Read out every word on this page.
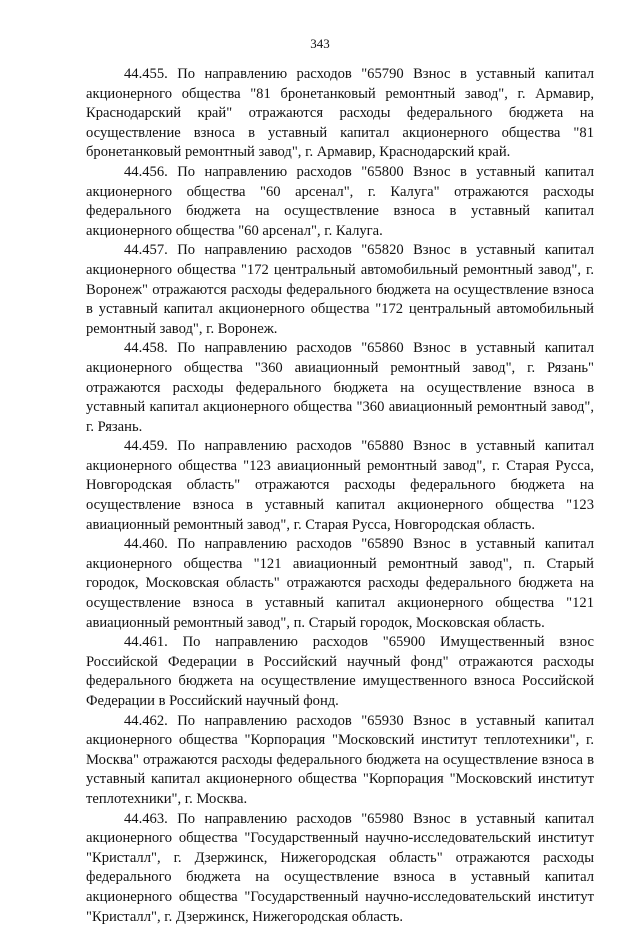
343

44.455. По направлению расходов "65790 Взнос в уставный капитал акционерного общества "81 бронетанковый ремонтный завод", г. Армавир, Краснодарский край" отражаются расходы федерального бюджета на осуществление взноса в уставный капитал акционерного общества "81 бронетанковый ремонтный завод", г. Армавир, Краснодарский край.

44.456. По направлению расходов "65800 Взнос в уставный капитал акционерного общества "60 арсенал", г. Калуга" отражаются расходы федерального бюджета на осуществление взноса в уставный капитал акционерного общества "60 арсенал", г. Калуга.

44.457. По направлению расходов "65820 Взнос в уставный капитал акционерного общества "172 центральный автомобильный ремонтный завод", г. Воронеж" отражаются расходы федерального бюджета на осуществление взноса в уставный капитал акционерного общества "172 центральный автомобильный ремонтный завод", г. Воронеж.

44.458. По направлению расходов "65860 Взнос в уставный капитал акционерного общества "360 авиационный ремонтный завод", г. Рязань" отражаются расходы федерального бюджета на осуществление взноса в уставный капитал акционерного общества "360 авиационный ремонтный завод", г. Рязань.

44.459. По направлению расходов "65880 Взнос в уставный капитал акционерного общества "123 авиационный ремонтный завод", г. Старая Русса, Новгородская область" отражаются расходы федерального бюджета на осуществление взноса в уставный капитал акционерного общества "123 авиационный ремонтный завод", г. Старая Русса, Новгородская область.

44.460. По направлению расходов "65890 Взнос в уставный капитал акционерного общества "121 авиационный ремонтный завод", п. Старый городок, Московская область" отражаются расходы федерального бюджета на осуществление взноса в уставный капитал акционерного общества "121 авиационный ремонтный завод", п. Старый городок, Московская область.

44.461. По направлению расходов "65900 Имущественный взнос Российской Федерации в Российский научный фонд" отражаются расходы федерального бюджета на осуществление имущественного взноса Российской Федерации в Российский научный фонд.

44.462. По направлению расходов "65930 Взнос в уставный капитал акционерного общества "Корпорация "Московский институт теплотехники", г. Москва" отражаются расходы федерального бюджета на осуществление взноса в уставный капитал акционерного общества "Корпорация "Московский институт теплотехники", г. Москва.

44.463. По направлению расходов "65980 Взнос в уставный капитал акционерного общества "Государственный научно-исследовательский институт "Кристалл", г. Дзержинск, Нижегородская область" отражаются расходы федерального бюджета на осуществление взноса в уставный капитал акционерного общества "Государственный научно-исследовательский институт "Кристалл", г. Дзержинск, Нижегородская область.
